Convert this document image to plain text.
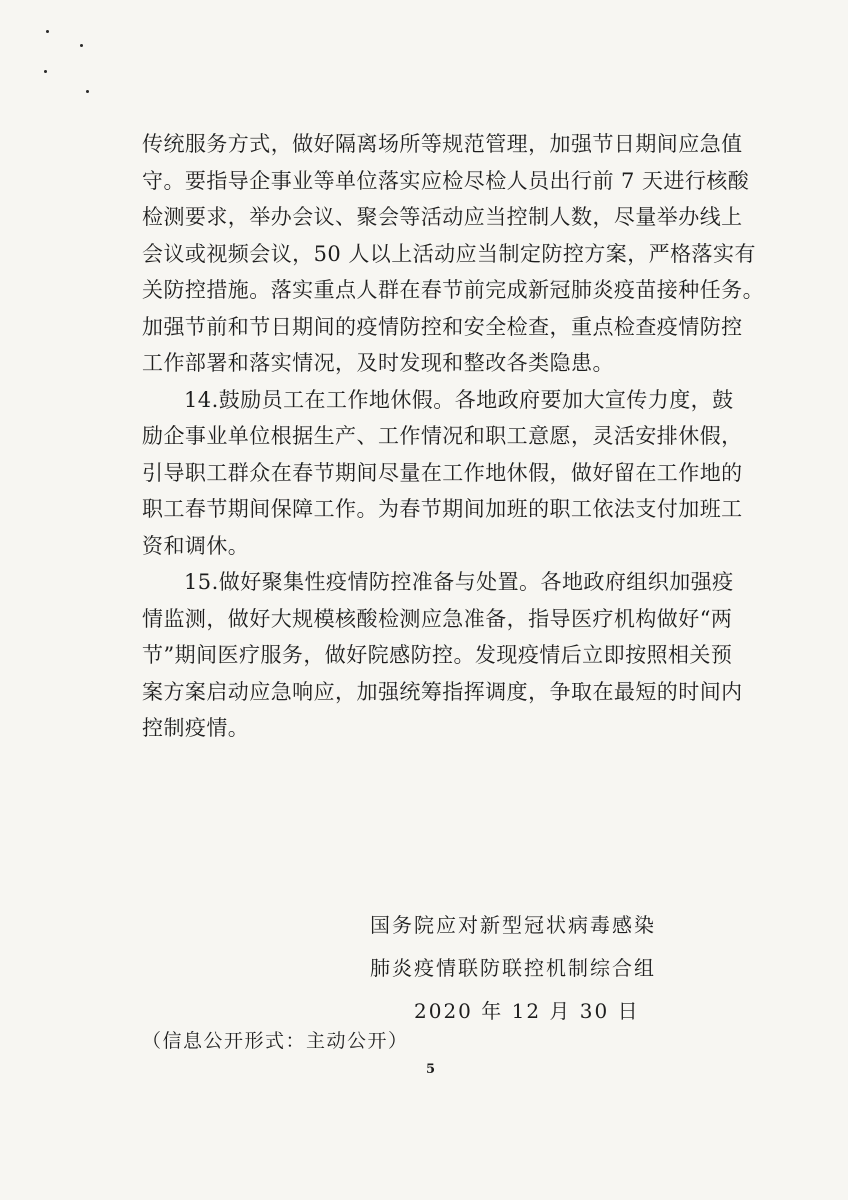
传统服务方式，做好隔离场所等规范管理，加强节日期间应急值
守。要指导企事业等单位落实应检尽检人员出行前 7 天进行核酸
检测要求，举办会议、聚会等活动应当控制人数，尽量举办线上
会议或视频会议，50 人以上活动应当制定防控方案，严格落实有
关防控措施。落实重点人群在春节前完成新冠肺炎疫苗接种任务。
加强节前和节日期间的疫情防控和安全检查，重点检查疫情防控
工作部署和落实情况，及时发现和整改各类隐患。
14.鼓励员工在工作地休假。各地政府要加大宣传力度，鼓
励企事业单位根据生产、工作情况和职工意愿，灵活安排休假，
引导职工群众在春节期间尽量在工作地休假，做好留在工作地的
职工春节期间保障工作。为春节期间加班的职工依法支付加班工
资和调休。
15.做好聚集性疫情防控准备与处置。各地政府组织加强疫
情监测，做好大规模核酸检测应急准备，指导医疗机构做好“两
节”期间医疗服务，做好院感防控。发现疫情后立即按照相关预
案方案启动应急响应，加强统筹指挥调度，争取在最短的时间内
控制疫情。
国务院应对新型冠状病毒感染
肺炎疫情联防联控机制综合组
2020 年 12 月 30 日
（信息公开形式：主动公开）
5
